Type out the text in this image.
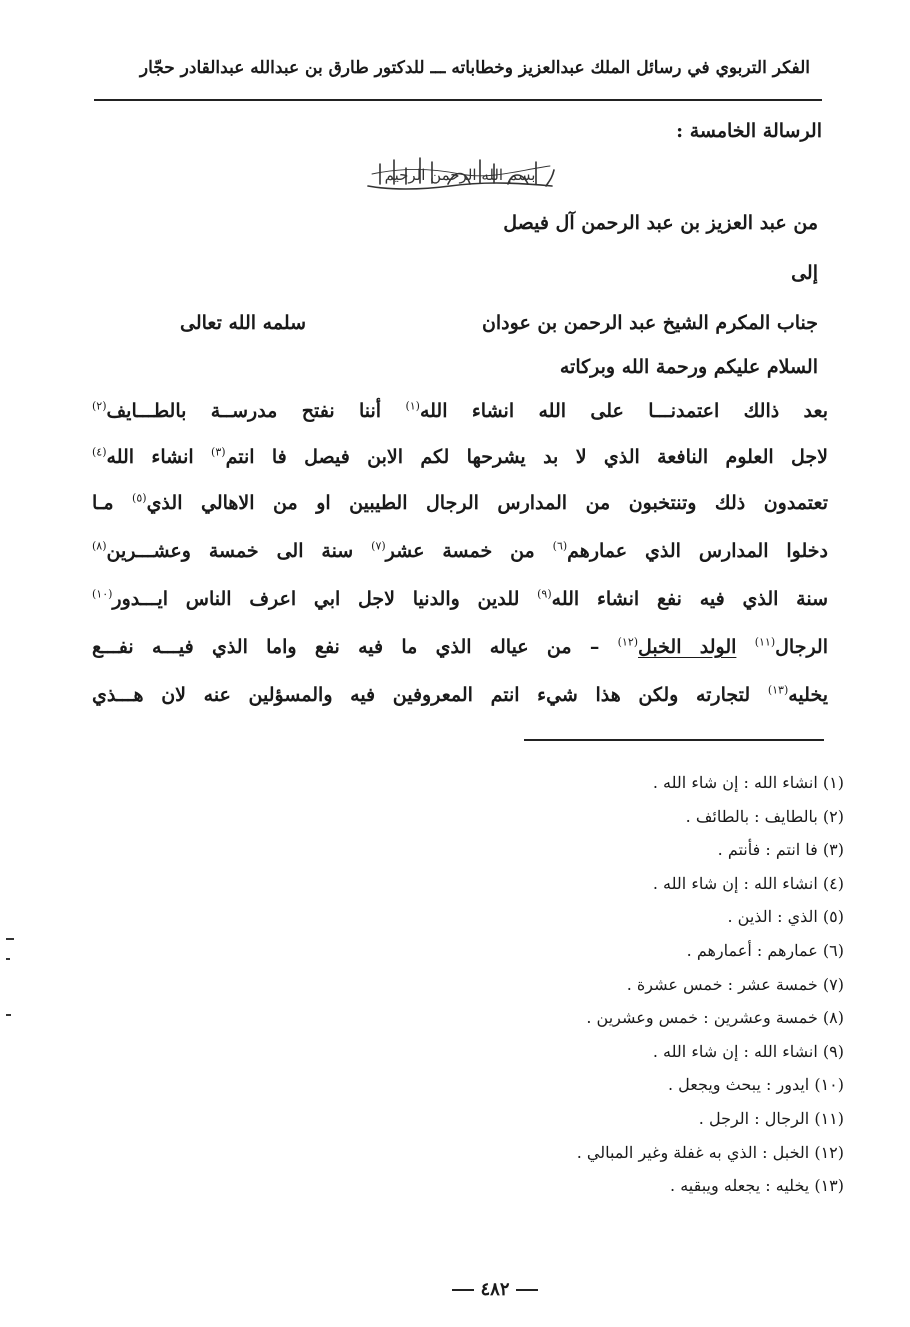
الفكر التربوي في رسائل الملك عبدالعزيز وخطاباته ـــ للدكتور طارق بن عبدالله عبدالقادر حجّار
الرسالة الخامسة :
بسم الله الرحمن الرحيم
من عبد العزيز بن عبد الرحمن آل فيصل
إلى
جناب المكرم الشيخ عبد الرحمن بن عودان
سلمه الله تعالى
السلام عليكم ورحمة الله وبركاته
بعد ذالك اعتمدنـــا على الله انشاء الله$^{(١)}$ أننا نفتح مدرســة بالطـــايف$^{(٢)}$
لاجل العلوم النافعة الذي لا بد يشرحها لكم الابن فيصل فا انتم$^{(٣)}$ انشاء الله$^{(٤)}$
تعتمدون ذلك وتنتخبون من المدارس الرجال الطيبين او من الاهالي الذي$^{(٥)}$ مـا
دخلوا المدارس الذي عمارهم$^{(٦)}$ من خمسة عشر$^{(٧)}$ سنة الى خمسة وعشـــرين$^{(٨)}$
سنة الذي فيه نفع انشاء الله$^{(٩)}$ للدين والدنيا لاجل ابي اعرف الناس ايـــدور$^{(١٠)}$
الرجال$^{(١١)}$ الولد الخبل$^{(١٢)}$ – من عياله الذي ما فيه نفع واما الذي فيـــه نفـــع
يخليه$^{(١٣)}$ لتجارته ولكن هذا شيء انتم المعروفين فيه والمسؤلين عنه لان هـــذي
(١) انشاء الله : إن شاء الله .
(٢) بالطايف : بالطائف .
(٣) فا انتم : فأنتم .
(٤) انشاء الله : إن شاء الله .
(٥) الذي : الذين .
(٦) عمارهم : أعمارهم .
(٧) خمسة عشر : خمس عشرة .
(٨) خمسة وعشرين : خمس وعشرين .
(٩) انشاء الله : إن شاء الله .
(١٠) ايدور : يبحث ويجعل .
(١١) الرجال : الرجل .
(١٢) الخبل : الذي به غفلة وغير المبالي .
(١٣) يخليه : يجعله ويبقيه .
٤٨٢
